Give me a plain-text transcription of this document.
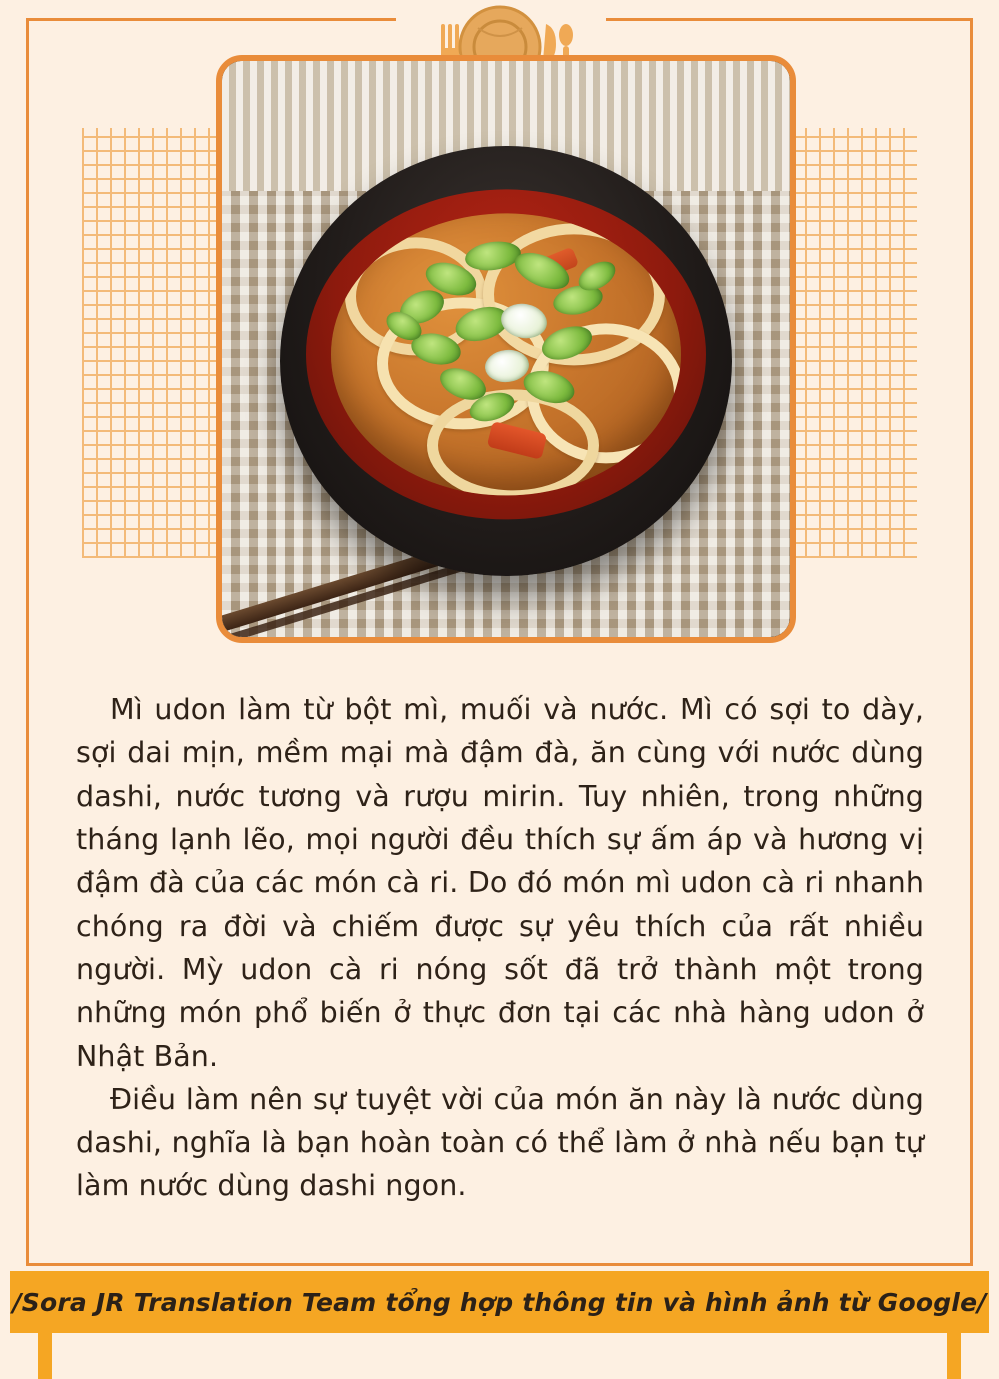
Mì udon làm từ bột mì, muối và nước. Mì có sợi to dày, sợi dai mịn, mềm mại mà đậm đà, ăn cùng với nước dùng dashi, nước tương và rượu mirin. Tuy nhiên, trong những tháng lạnh lẽo, mọi người đều thích sự ấm áp và hương vị đậm đà của các món cà ri. Do đó món mì udon cà ri nhanh chóng ra đời và chiếm được sự yêu thích của rất nhiều người. Mỳ udon cà ri nóng sốt đã trở thành một trong những món phổ biến ở thực đơn tại các nhà hàng udon ở Nhật Bản.

Điều làm nên sự tuyệt vời của món ăn này là nước dùng dashi, nghĩa là bạn hoàn toàn có thể làm ở nhà nếu bạn tự làm nước dùng dashi ngon.

/Sora JR Translation Team tổng hợp thông tin và hình ảnh từ Google/
